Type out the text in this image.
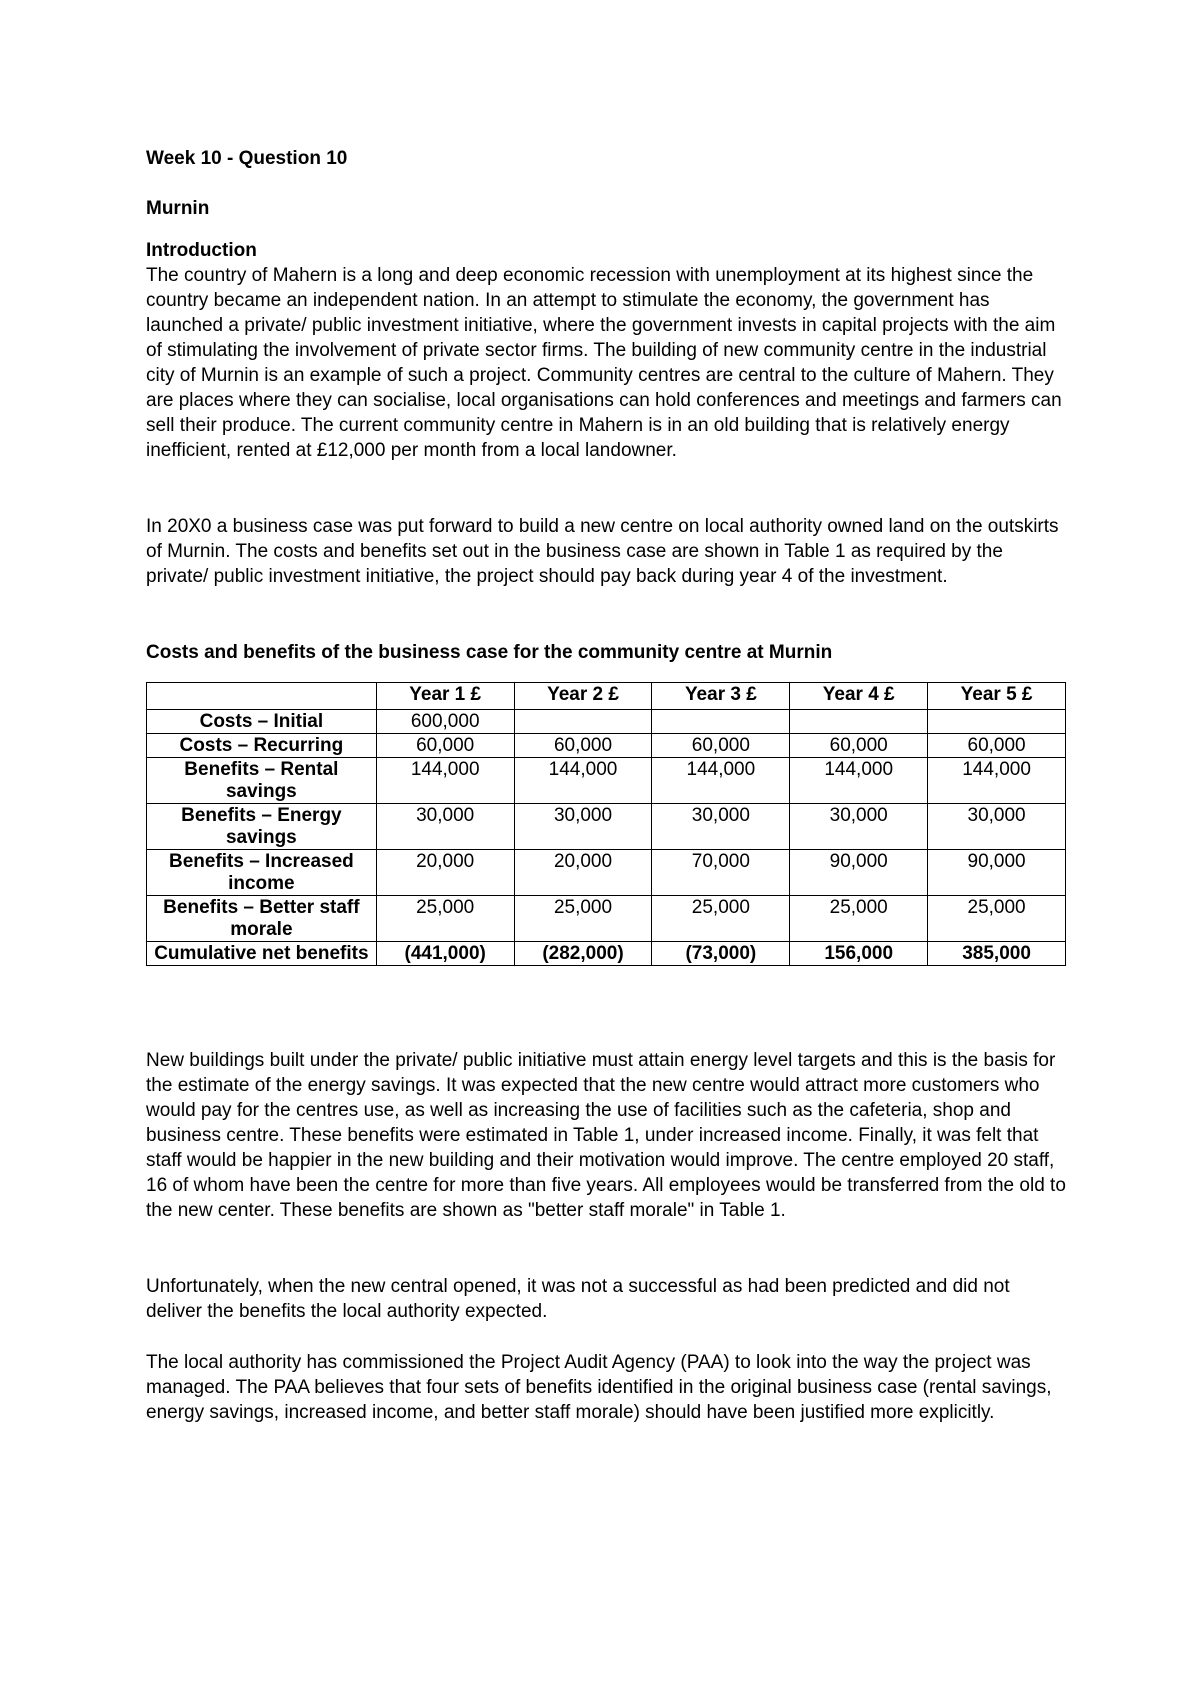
Week 10 - Question 10

Murnin

Introduction

The country of Mahern is a long and deep economic recession with unemployment at its highest since the country became an independent nation. In an attempt to stimulate the economy, the government has launched a private/ public investment initiative, where the government invests in capital projects with the aim of stimulating the involvement of private sector firms. The building of new community centre in the industrial city of Murnin is an example of such a project. Community centres are central to the culture of Mahern. They are places where they can socialise, local organisations can hold conferences and meetings and farmers can sell their produce. The current community centre in Mahern is in an old building that is relatively energy inefficient, rented at £12,000 per month from a local landowner.

In 20X0 a business case was put forward to build a new centre on local authority owned land on the outskirts of Murnin. The costs and benefits set out in the business case are shown in Table 1 as required by the private/ public investment initiative, the project should pay back during year 4 of the investment.

Costs and benefits of the business case for the community centre at Murnin

	Year 1 £	Year 2 £	Year 3 £	Year 4 £	Year 5 £
Costs – Initial	600,000				
Costs – Recurring	60,000	60,000	60,000	60,000	60,000
Benefits – Rental savings	144,000	144,000	144,000	144,000	144,000
Benefits – Energy savings	30,000	30,000	30,000	30,000	30,000
Benefits – Increased income	20,000	20,000	70,000	90,000	90,000
Benefits – Better staff morale	25,000	25,000	25,000	25,000	25,000
Cumulative net benefits	(441,000)	(282,000)	(73,000)	156,000	385,000

New buildings built under the private/ public initiative must attain energy level targets and this is the basis for the estimate of the energy savings. It was expected that the new centre would attract more customers who would pay for the centres use, as well as increasing the use of facilities such as the cafeteria, shop and business centre. These benefits were estimated in Table 1, under increased income. Finally, it was felt that staff would be happier in the new building and their motivation would improve. The centre employed 20 staff, 16 of whom have been the centre for more than five years. All employees would be transferred from the old to the new center. These benefits are shown as "better staff morale" in Table 1.

Unfortunately, when the new central opened, it was not a successful as had been predicted and did not deliver the benefits the local authority expected.

The local authority has commissioned the Project Audit Agency (PAA) to look into the way the project was managed. The PAA believes that four sets of benefits identified in the original business case (rental savings, energy savings, increased income, and better staff morale) should have been justified more explicitly.
